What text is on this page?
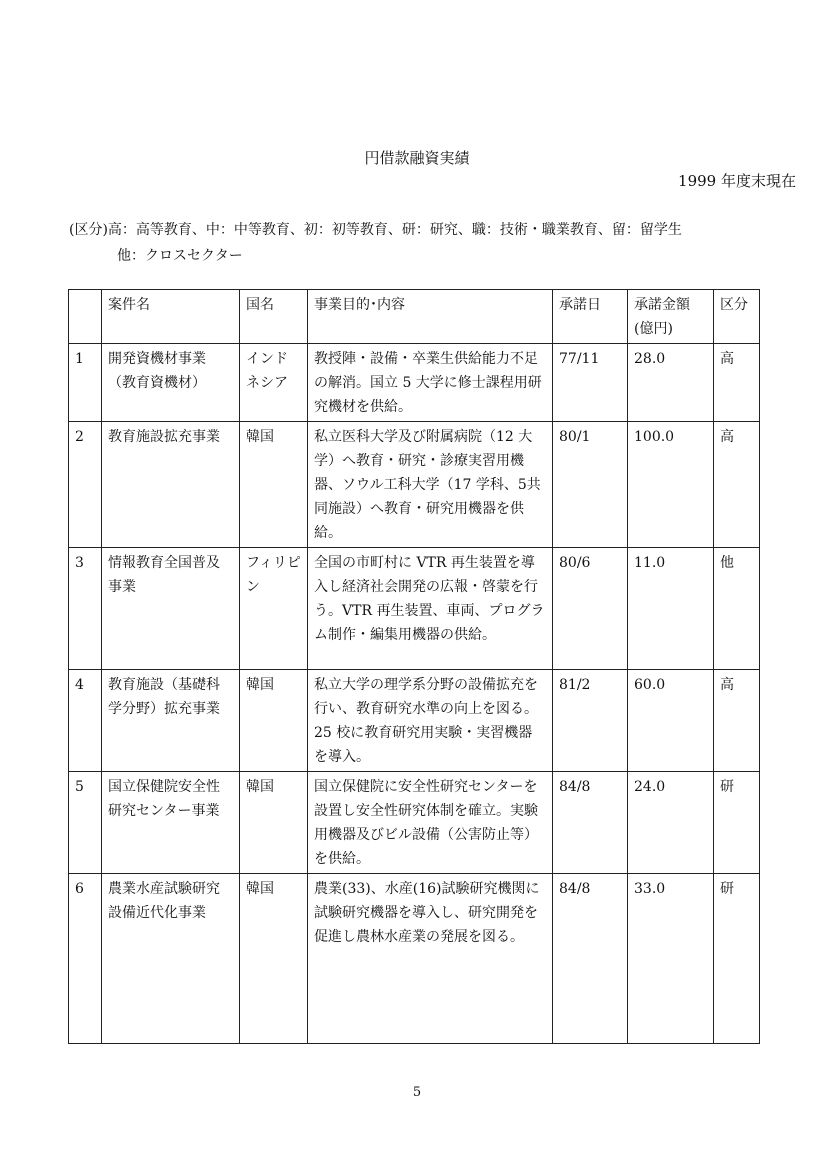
円借款融資実績
1999 年度末現在
(区分)高：高等教育、中：中等教育、初：初等教育、研：研究、職：技術・職業教育、留：留学生
他：クロスセクター
	案件名	国名	事業目的･内容	承諾日	承諾金額(億円)	区分
1	開発資機材事業（教育資機材）	インドネシア	教授陣・設備・卒業生供給能力不足の解消。国立 5 大学に修士課程用研究機材を供給。	77/11	28.0	高
2	教育施設拡充事業	韓国	私立医科大学及び附属病院（12 大学）へ教育・研究・診療実習用機器、ソウル工科大学（17 学科、5共同施設）へ教育・研究用機器を供給。	80/1	100.0	高
3	情報教育全国普及事業	フィリピン	全国の市町村に VTR 再生装置を導入し経済社会開発の広報・啓蒙を行う。VTR 再生装置、車両、プログラム制作・編集用機器の供給。	80/6	11.0	他
4	教育施設（基礎科学分野）拡充事業	韓国	私立大学の理学系分野の設備拡充を行い、教育研究水準の向上を図る。25 校に教育研究用実験・実習機器を導入。	81/2	60.0	高
5	国立保健院安全性研究センター事業	韓国	国立保健院に安全性研究センターを設置し安全性研究体制を確立。実験用機器及びビル設備（公害防止等）を供給。	84/8	24.0	研
6	農業水産試験研究設備近代化事業	韓国	農業(33)、水産(16)試験研究機関に試験研究機器を導入し、研究開発を促進し農林水産業の発展を図る。	84/8	33.0	研
5
